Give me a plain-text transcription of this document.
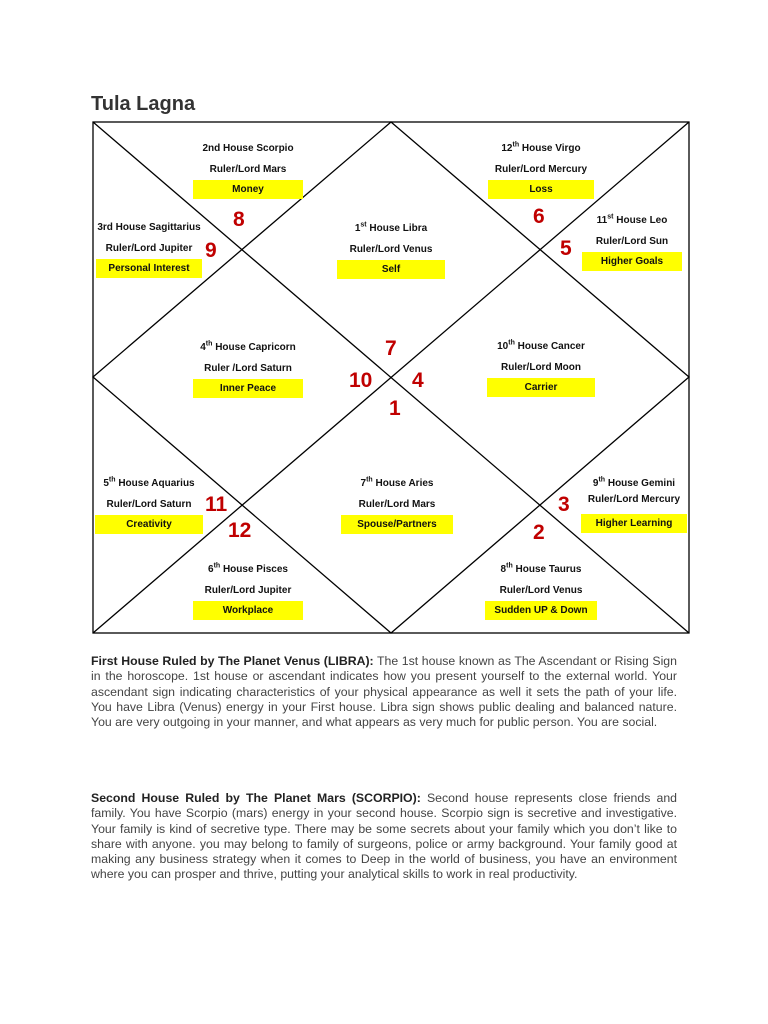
Tula Lagna
12th House Virgo
Ruler/Lord Mercury
Loss
2nd House Scorpio
Ruler/Lord Mars
Money
3rd House Sagittarius
Ruler/Lord Jupiter
Personal Interest
1st House Libra
Ruler/Lord Venus
Self
11st House Leo
Ruler/Lord Sun
Higher Goals
4th House Capricorn
Ruler /Lord Saturn
Inner Peace
10th House Cancer
Ruler/Lord Moon
Carrier
5th House Aquarius
Ruler/Lord Saturn
Creativity
7th House Aries
Ruler/Lord Mars
Spouse/Partners
9th House Gemini
Ruler/Lord Mercury
Higher Learning
6th House Pisces
Ruler/Lord Jupiter
Workplace
8th House Taurus
Ruler/Lord Venus
Sudden UP & Down
8
9
6
5
7
10 4
1
11
12
3
2
First House Ruled by The Planet Venus (LIBRA): The 1st house known as The Ascendant or Rising Sign in the horoscope. 1st house or ascendant indicates how you present yourself to the external world. Your ascendant sign indicating characteristics of your physical appearance as well it sets the path of your life. You have Libra (Venus) energy in your First house. Libra sign shows public dealing and balanced nature. You are very outgoing in your manner, and what appears as very much for public person. You are social.
Second House Ruled by The Planet Mars (SCORPIO): Second house represents close friends and family. You have Scorpio (mars) energy in your second house. Scorpio sign is secretive and investigative. Your family is kind of secretive type. There may be some secrets about your family which you don’t like to share with anyone. you may belong to family of surgeons, police or army background. Your family good at making any business strategy when it comes to Deep in the world of business, you have an environment where you can prosper and thrive, putting your analytical skills to work in real productivity.
